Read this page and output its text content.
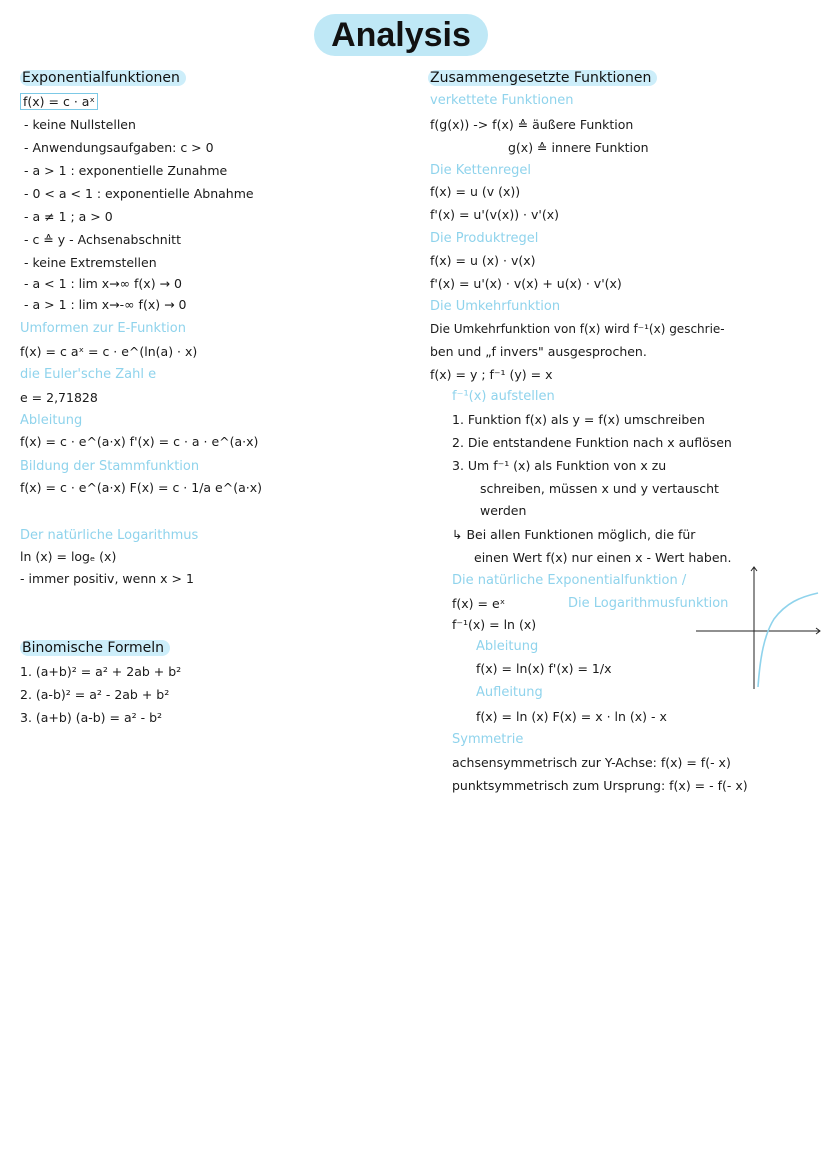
Analysis
Exponentialfunktionen
f(x) = c · aˣ
- keine Nullstellen
- Anwendungsaufgaben: c > 0
- a > 1 : exponentielle Zunahme
- 0 < a < 1 : exponentielle Abnahme
- a ≠ 1 ; a > 0
- c ≙ y - Achsenabschnitt
- keine Extremstellen
- a < 1 : lim x→∞ f(x) → 0
- a > 1 : lim x→-∞ f(x) → 0
Umformen zur E-Funktion
f(x) = c aˣ = c · e^(ln(a) · x)
die Euler'sche Zahl e
e = 2,71828
Ableitung
f(x) = c · e^(a·x) f'(x) = c · a · e^(a·x)
Bildung der Stammfunktion
f(x) = c · e^(a·x) F(x) = c · 1/a e^(a·x)
Der natürliche Logarithmus
ln (x) = logₑ (x)
- immer positiv, wenn x > 1
Binomische Formeln
1. (a+b)² = a² + 2ab + b²
2. (a-b)² = a² - 2ab + b²
3. (a+b) (a-b) = a² - b²
Zusammengesetzte Funktionen
verkettete Funktionen
f(g(x)) -> f(x) ≙ äußere Funktion
g(x) ≙ innere Funktion
Die Kettenregel
f(x) = u (v (x))
f'(x) = u'(v(x)) · v'(x)
Die Produktregel
f(x) = u (x) · v(x)
f'(x) = u'(x) · v(x) + u(x) · v'(x)
Die Umkehrfunktion
Die Umkehrfunktion von f(x) wird f⁻¹(x) geschrie-
ben und „f invers" ausgesprochen.
f(x) = y ; f⁻¹ (y) = x
f⁻¹(x) aufstellen
1. Funktion f(x) als y = f(x) umschreiben
2. Die entstandene Funktion nach x auflösen
3. Um f⁻¹ (x) als Funktion von x zu
schreiben, müssen x und y vertauscht
werden
↳ Bei allen Funktionen möglich, die für
einen Wert f(x) nur einen x - Wert haben.
Die natürliche Exponentialfunktion /
f(x) = eˣ	Die Logarithmusfunktion
f⁻¹(x) = ln (x)
Ableitung
f(x) = ln(x) f'(x) = 1/x
Aufleitung
f(x) = ln (x) F(x) = x · ln (x) - x
Symmetrie
achsensymmetrisch zur Y-Achse: f(x) = f(- x)
punktsymmetrisch zum Ursprung: f(x) = - f(- x)
